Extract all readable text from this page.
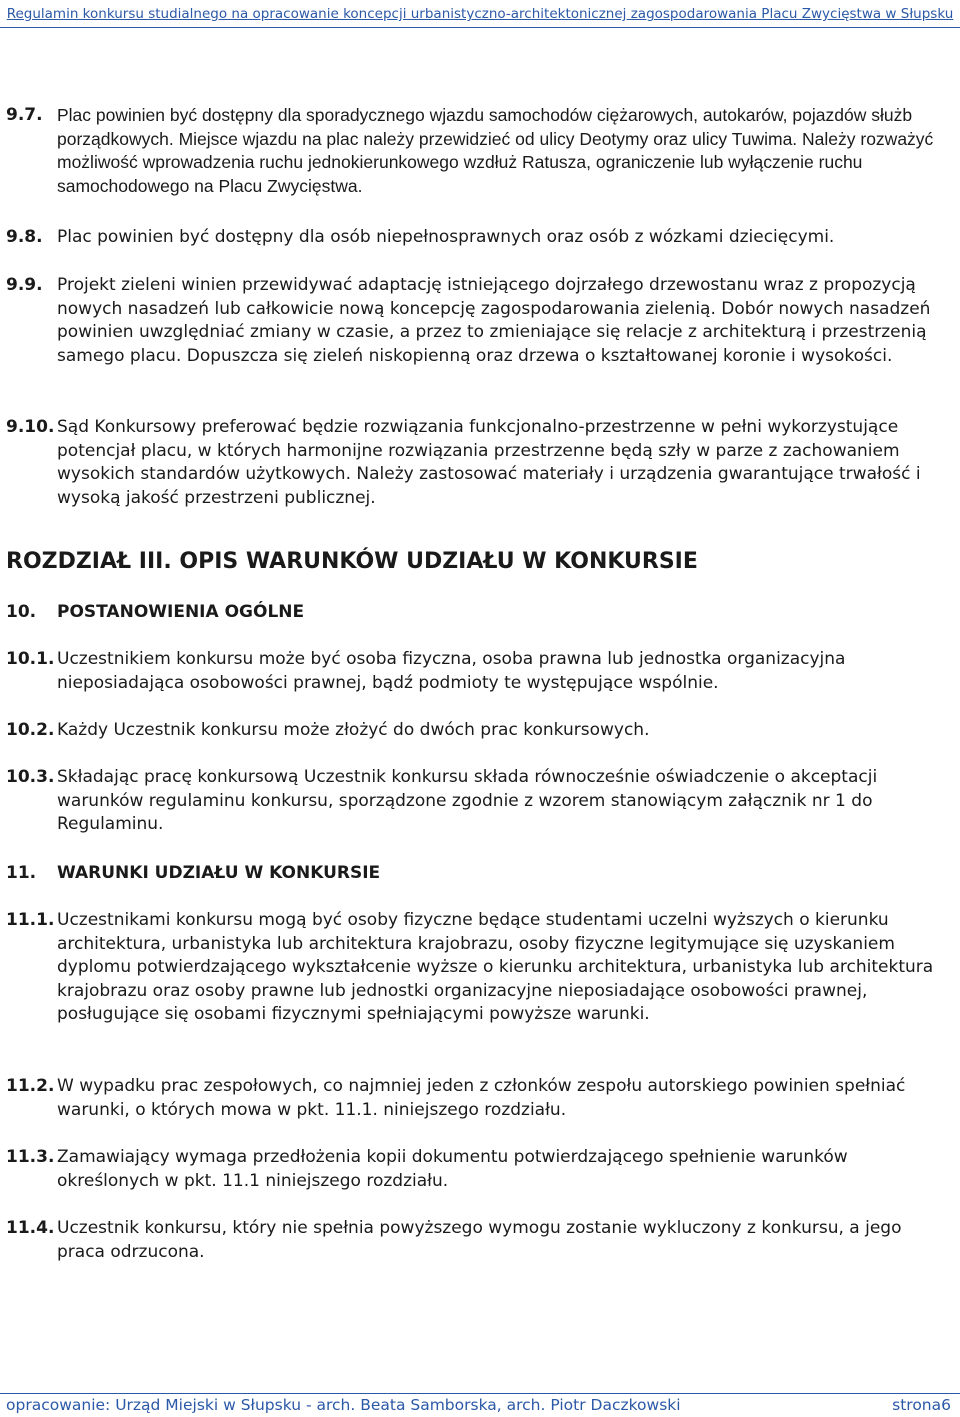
Regulamin konkursu studialnego na opracowanie koncepcji urbanistyczno-architektonicznej zagospodarowania Placu Zwycięstwa w Słupsku
9.7. Plac powinien być dostępny dla sporadycznego wjazdu samochodów ciężarowych, autokarów, pojazdów służb porządkowych. Miejsce wjazdu na plac należy przewidzieć od ulicy Deotymy oraz ulicy Tuwima. Należy rozważyć możliwość wprowadzenia ruchu jednokierunkowego wzdłuż Ratusza, ograniczenie lub wyłączenie ruchu samochodowego na Placu Zwycięstwa.
9.8. Plac powinien być dostępny dla osób niepełnosprawnych oraz osób z wózkami dziecięcymi.
9.9. Projekt zieleni winien przewidywać adaptację istniejącego dojrzałego drzewostanu wraz z propozycją nowych nasadzeń lub całkowicie nową koncepcję zagospodarowania zielenią. Dobór nowych nasadzeń powinien uwzględniać zmiany w czasie, a przez to zmieniające się relacje z architekturą i przestrzenią samego placu. Dopuszcza się zieleń niskopienną oraz drzewa o kształtowanej koronie i wysokości.
9.10. Sąd Konkursowy preferować będzie rozwiązania funkcjonalno-przestrzenne w pełni wykorzystujące potencjał placu, w których harmonijne rozwiązania przestrzenne będą szły w parze z zachowaniem wysokich standardów użytkowych. Należy zastosować materiały i urządzenia gwarantujące trwałość i wysoką jakość przestrzeni publicznej.
ROZDZIAŁ III. OPIS WARUNKÓW UDZIAŁU W KONKURSIE
10. POSTANOWIENIA OGÓLNE
10.1. Uczestnikiem konkursu może być osoba fizyczna, osoba prawna lub jednostka organizacyjna nieposiadająca osobowości prawnej, bądź podmioty te występujące wspólnie.
10.2. Każdy Uczestnik konkursu może złożyć do dwóch prac konkursowych.
10.3. Składając pracę konkursową Uczestnik konkursu składa równocześnie oświadczenie o akceptacji warunków regulaminu konkursu, sporządzone zgodnie z wzorem stanowiącym załącznik nr 1 do Regulaminu.
11. WARUNKI UDZIAŁU W KONKURSIE
11.1. Uczestnikami konkursu mogą być osoby fizyczne będące studentami uczelni wyższych o kierunku architektura, urbanistyka lub architektura krajobrazu, osoby fizyczne legitymujące się uzyskaniem dyplomu potwierdzającego wykształcenie wyższe o kierunku architektura, urbanistyka lub architektura krajobrazu oraz osoby prawne lub jednostki organizacyjne nieposiadające osobowości prawnej, posługujące się osobami fizycznymi spełniającymi powyższe warunki.
11.2. W wypadku prac zespołowych, co najmniej jeden z członków zespołu autorskiego powinien spełniać warunki, o których mowa w pkt. 11.1. niniejszego rozdziału.
11.3. Zamawiający wymaga przedłożenia kopii dokumentu potwierdzającego spełnienie warunków określonych w pkt. 11.1 niniejszego rozdziału.
11.4. Uczestnik konkursu, który nie spełnia powyższego wymogu zostanie wykluczony z konkursu, a jego praca odrzucona.
opracowanie: Urząd Miejski w Słupsku - arch. Beata Samborska, arch. Piotr Daczkowski	strona6
